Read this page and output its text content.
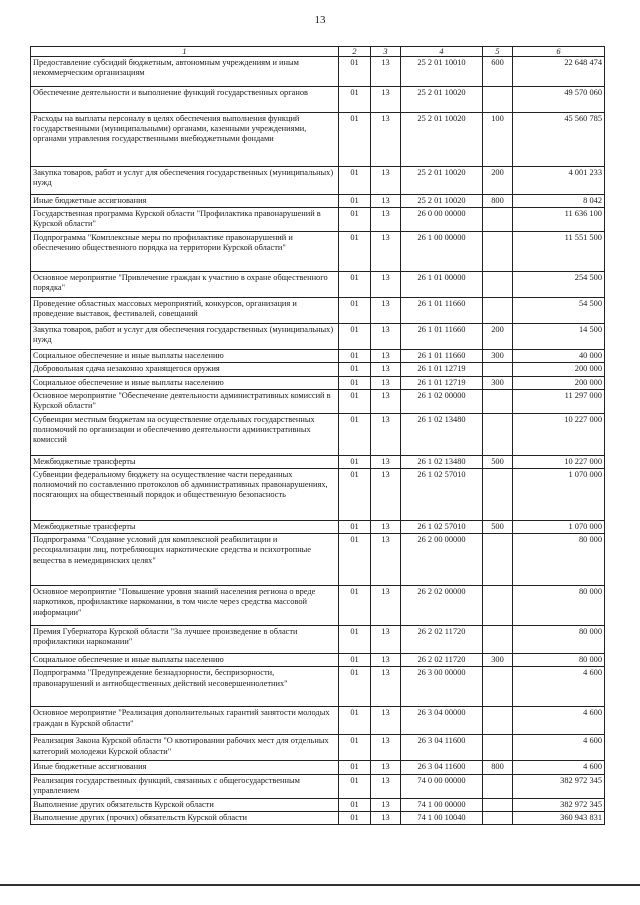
13
1	2	3	4	5	6
Предоставление субсидий бюджетным, автономным учреждениям и иным некоммерческим организациям	01	13	25 2 01 10010	600	22 648 474
Обеспечение деятельности и выполнение функций государственных органов	01	13	25 2 01 10020		49 570 060
Расходы на выплаты персоналу в целях обеспечения выполнения функций государственными (муниципальными) органами, казенными учреждениями, органами управления государственными внебюджетными фондами	01	13	25 2 01 10020	100	45 560 785
Закупка товаров, работ и услуг для обеспечения государственных (муниципальных) нужд	01	13	25 2 01 10020	200	4 001 233
Иные бюджетные ассигнования	01	13	25 2 01 10020	800	8 042
Государственная программа Курской области "Профилактика правонарушений в Курской области"	01	13	26 0 00 00000		11 636 100
Подпрограмма "Комплексные меры по профилактике правонарушений и обеспечению общественного порядка на территории Курской области"	01	13	26 1 00 00000		11 551 500
Основное мероприятие "Привлечение граждан к участию в охране общественного порядка"	01	13	26 1 01 00000		254 500
Проведение областных массовых мероприятий, конкурсов, организация и проведение выставок, фестивалей, совещаний	01	13	26 1 01 11660		54 500
Закупка товаров, работ и услуг для обеспечения государственных (муниципальных) нужд	01	13	26 1 01 11660	200	14 500
Социальное обеспечение и иные выплаты населению	01	13	26 1 01 11660	300	40 000
Добровольная сдача незаконно хранящегося оружия	01	13	26 1 01 12719		200 000
Социальное обеспечение и иные выплаты населению	01	13	26 1 01 12719	300	200 000
Основное мероприятие "Обеспечение деятельности административных комиссий в Курской области"	01	13	26 1 02 00000		11 297 000
Субвенции местным бюджетам на осуществление отдельных государственных полномочий по организации и обеспечению деятельности административных комиссий	01	13	26 1 02 13480		10 227 000
Межбюджетные трансферты	01	13	26 1 02 13480	500	10 227 000
Субвенции федеральному бюджету на осуществление части переданных полномочий по составлению протоколов об административных правонарушениях, посягающих на общественный порядок и общественную безопасность	01	13	26 1 02 57010		1 070 000
Межбюджетные трансферты	01	13	26 1 02 57010	500	1 070 000
Подпрограмма "Создание условий для комплексной реабилитации и ресоциализации лиц, потребляющих наркотические средства и психотропные вещества в немедицинских целях"	01	13	26 2 00 00000		80 000
Основное мероприятие "Повышение уровня знаний населения региона о вреде наркотиков, профилактике наркомании, в том числе через средства массовой информации"	01	13	26 2 02 00000		80 000
Премия Губернатора Курской области "За лучшее произведение в области профилактики наркомании"	01	13	26 2 02 11720		80 000
Социальное обеспечение и иные выплаты населению	01	13	26 2 02 11720	300	80 000
Подпрограмма "Предупреждение безнадзорности, беспризорности, правонарушений и антиобщественных действий несовершеннолетних"	01	13	26 3 00 00000		4 600
Основное мероприятие "Реализация дополнительных гарантий занятости молодых граждан в Курской области"	01	13	26 3 04 00000		4 600
Реализация Закона Курской области "О квотировании рабочих мест для отдельных категорий молодежи Курской области"	01	13	26 3 04 11600		4 600
Иные бюджетные ассигнования	01	13	26 3 04 11600	800	4 600
Реализация государственных функций, связанных с общегосударственным управлением	01	13	74 0 00 00000		382 972 345
Выполнение других обязательств Курской области	01	13	74 1 00 00000		382 972 345
Выполнение других (прочих) обязательств Курской области	01	13	74 1 00 10040		360 943 831
